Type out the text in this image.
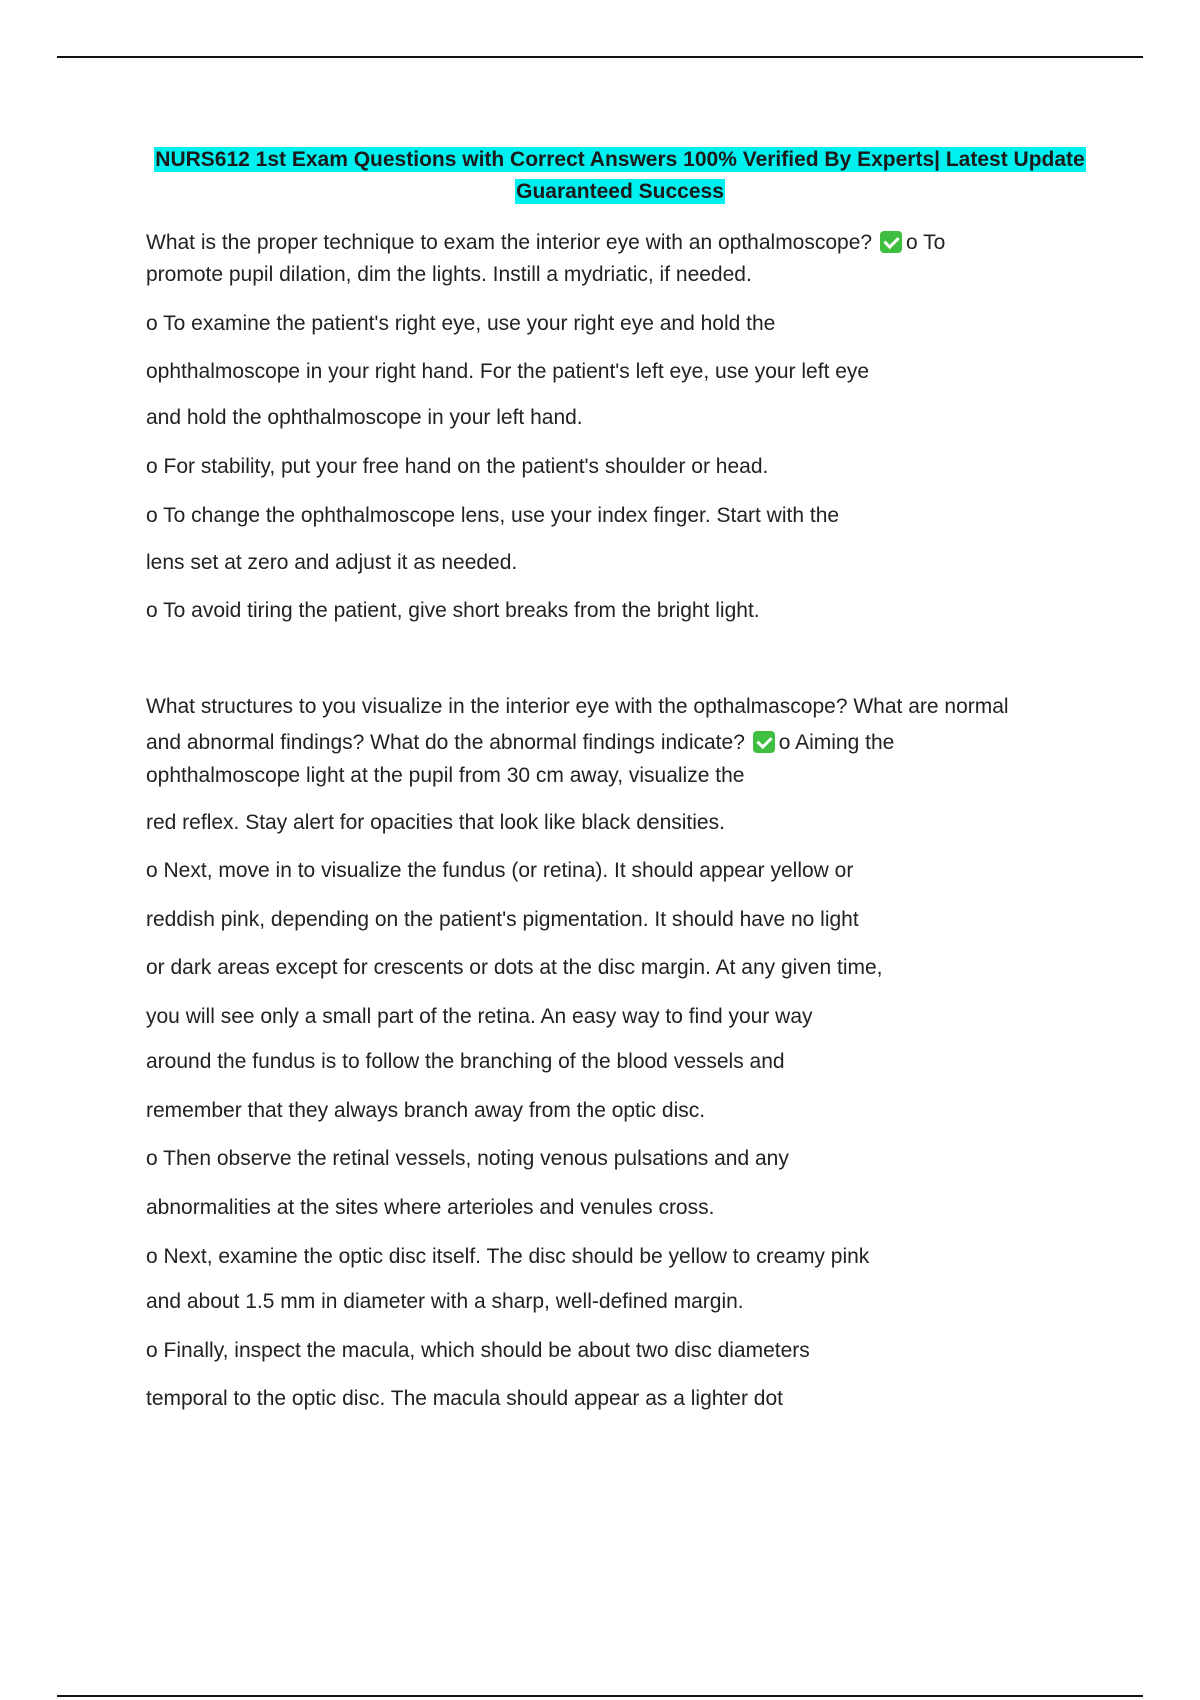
NURS612 1st Exam Questions with Correct Answers 100% Verified By Experts| Latest Update
Guaranteed Success
What is the proper technique to exam the interior eye with an opthalmoscope? o To
promote pupil dilation, dim the lights. Instill a mydriatic, if needed.
o To examine the patient's right eye, use your right eye and hold the
ophthalmoscope in your right hand. For the patient's left eye, use your left eye
and hold the ophthalmoscope in your left hand.
o For stability, put your free hand on the patient's shoulder or head.
o To change the ophthalmoscope lens, use your index finger. Start with the
lens set at zero and adjust it as needed.
o To avoid tiring the patient, give short breaks from the bright light.
What structures to you visualize in the interior eye with the opthalmascope? What are normal
and abnormal findings? What do the abnormal findings indicate? o Aiming the
ophthalmoscope light at the pupil from 30 cm away, visualize the
red reflex. Stay alert for opacities that look like black densities.
o Next, move in to visualize the fundus (or retina). It should appear yellow or
reddish pink, depending on the patient's pigmentation. It should have no light
or dark areas except for crescents or dots at the disc margin. At any given time,
you will see only a small part of the retina. An easy way to find your way
around the fundus is to follow the branching of the blood vessels and
remember that they always branch away from the optic disc.
o Then observe the retinal vessels, noting venous pulsations and any
abnormalities at the sites where arterioles and venules cross.
o Next, examine the optic disc itself. The disc should be yellow to creamy pink
and about 1.5 mm in diameter with a sharp, well-defined margin.
o Finally, inspect the macula, which should be about two disc diameters
temporal to the optic disc. The macula should appear as a lighter dot
